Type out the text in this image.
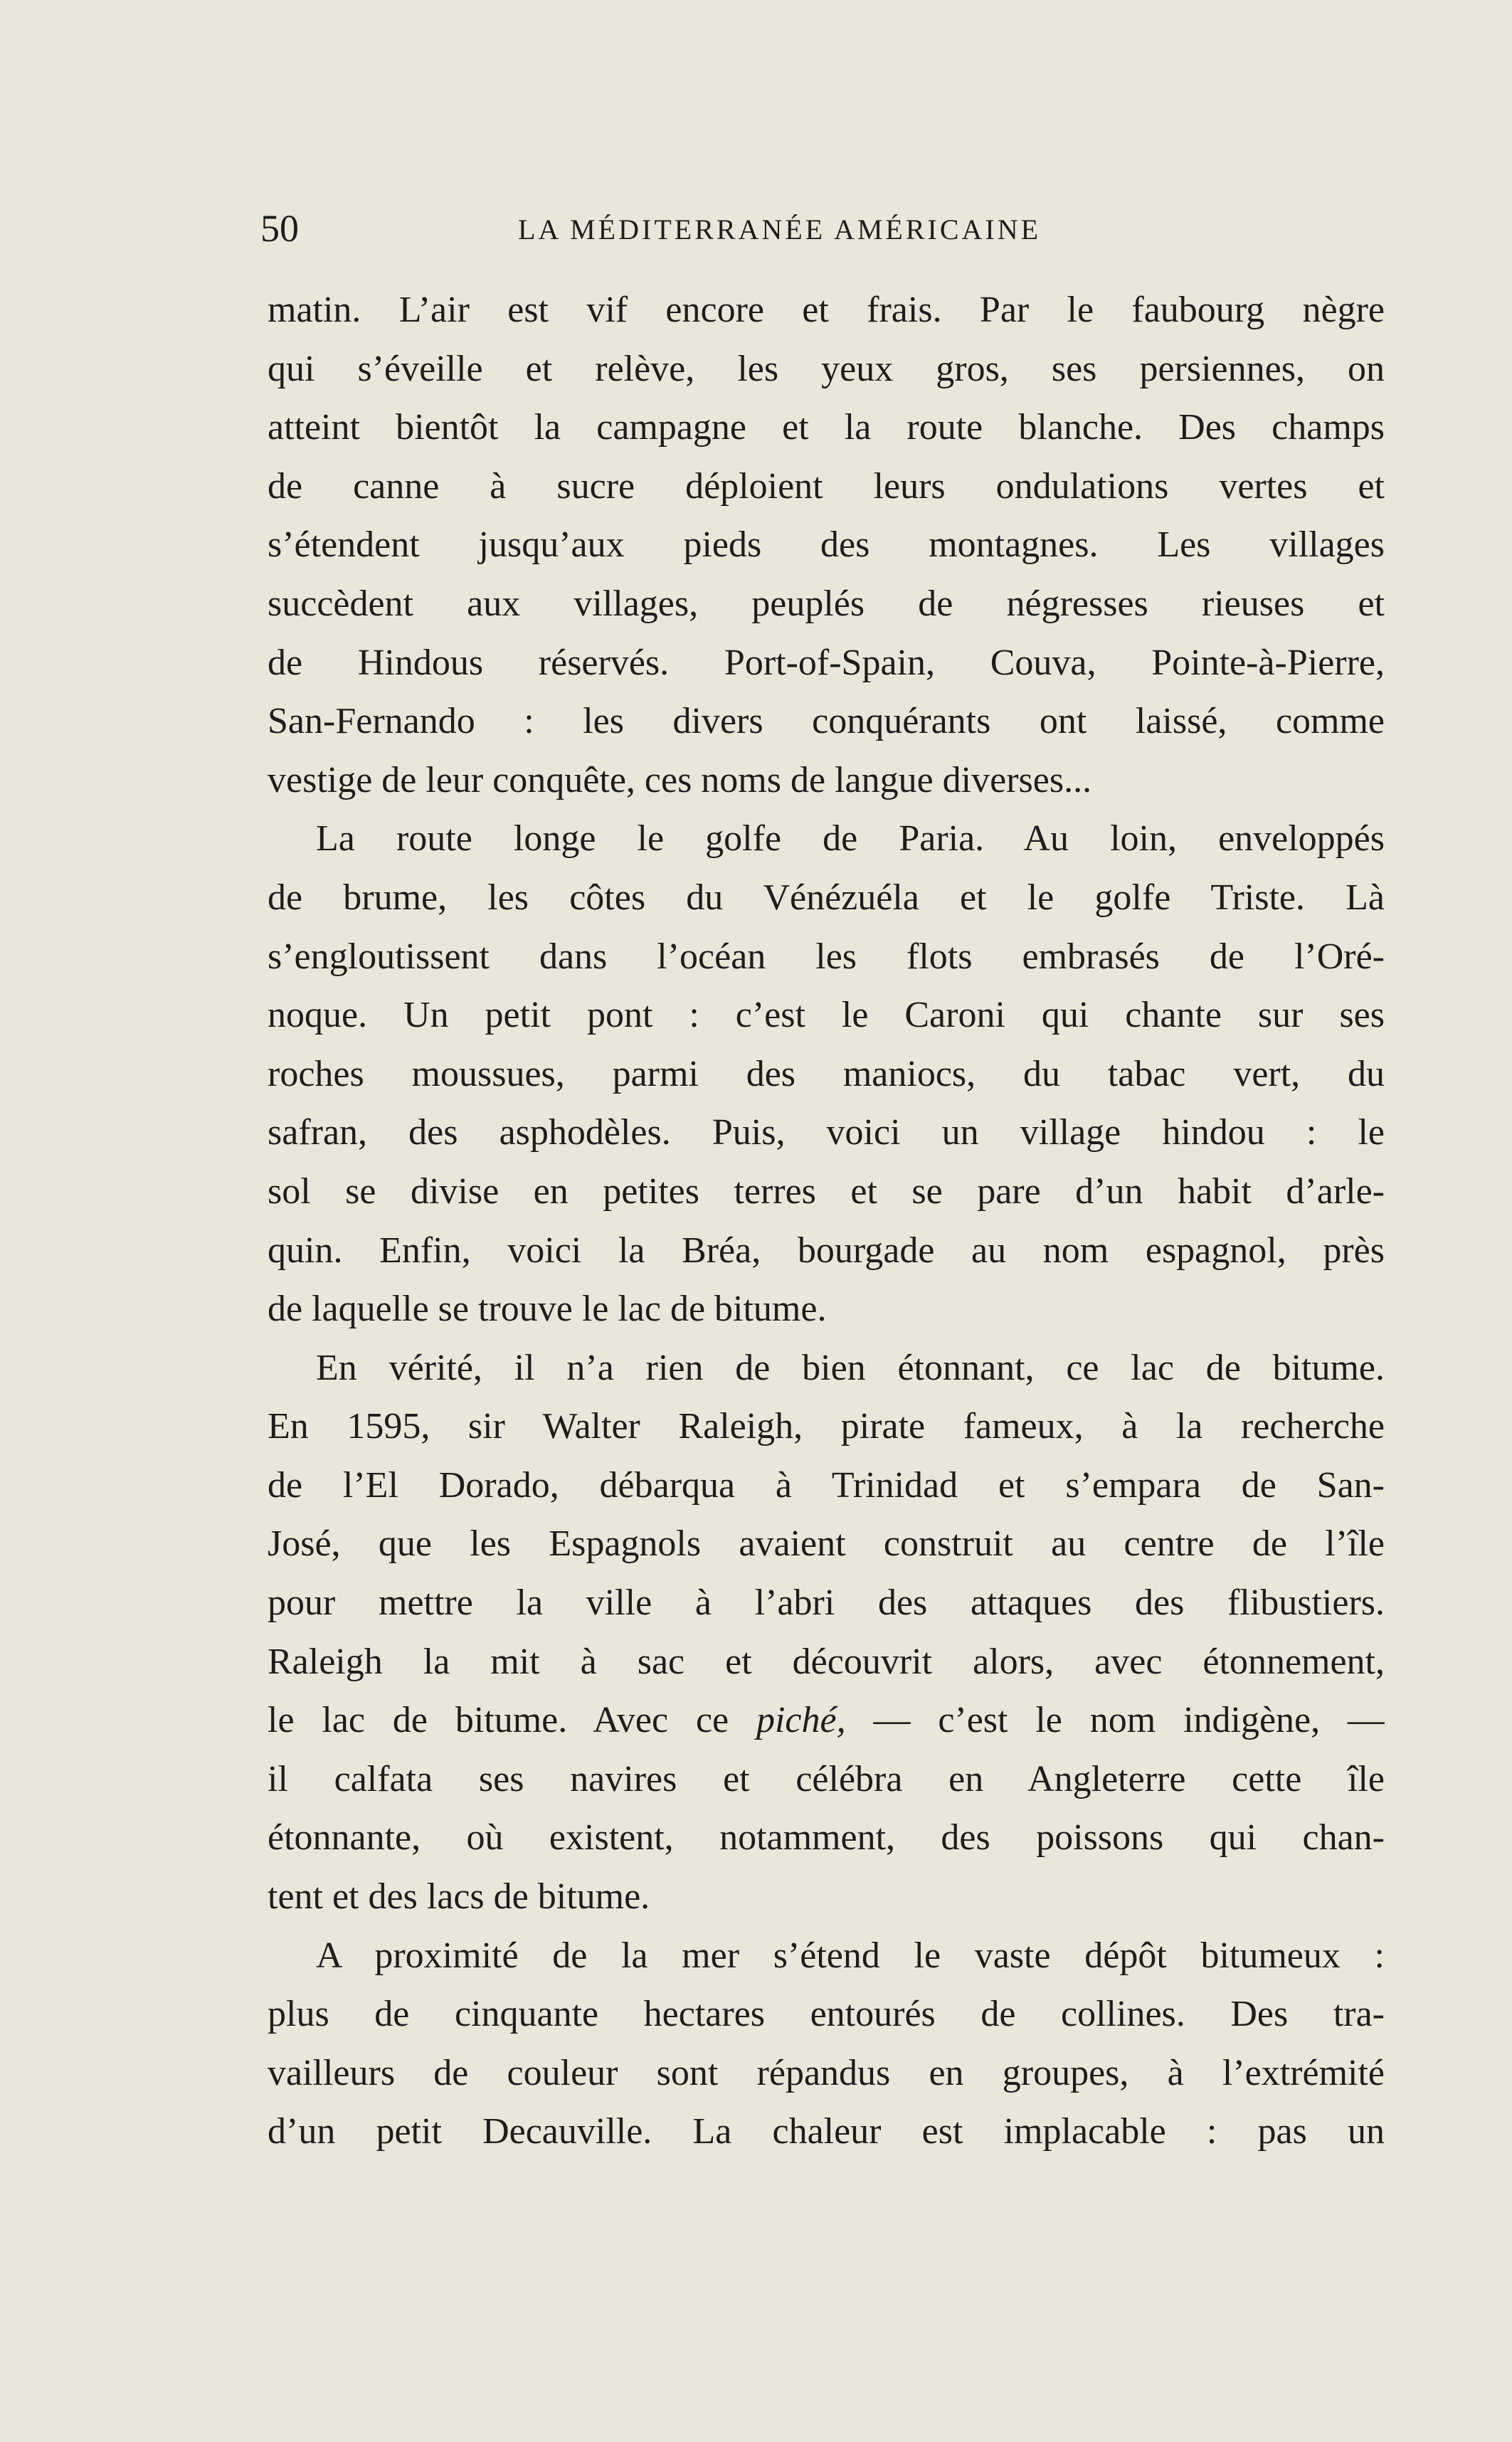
50	LA MÉDITERRANÉE AMÉRICAINE
matin. L’air est vif encore et frais. Par le faubourg nègre
qui s’éveille et relève, les yeux gros, ses persiennes, on
atteint bientôt la campagne et la route blanche. Des champs
de canne à sucre déploient leurs ondulations vertes et
s’étendent jusqu’aux pieds des montagnes. Les villages
succèdent aux villages, peuplés de négresses rieuses et
de Hindous réservés. Port-of-Spain, Couva, Pointe-à-Pierre,
San-Fernando : les divers conquérants ont laissé, comme
vestige de leur conquête, ces noms de langue diverses...
La route longe le golfe de Paria. Au loin, enveloppés
de brume, les côtes du Vénézuéla et le golfe Triste. Là
s’engloutissent dans l’océan les flots embrasés de l’Oré-
noque. Un petit pont : c’est le Caroni qui chante sur ses
roches moussues, parmi des maniocs, du tabac vert, du
safran, des asphodèles. Puis, voici un village hindou : le
sol se divise en petites terres et se pare d’un habit d’arle-
quin. Enfin, voici la Bréa, bourgade au nom espagnol, près
de laquelle se trouve le lac de bitume.
En vérité, il n’a rien de bien étonnant, ce lac de bitume.
En 1595, sir Walter Raleigh, pirate fameux, à la recherche
de l’El Dorado, débarqua à Trinidad et s’empara de San-
José, que les Espagnols avaient construit au centre de l’île
pour mettre la ville à l’abri des attaques des flibustiers.
Raleigh la mit à sac et découvrit alors, avec étonnement,
le lac de bitume. Avec ce piché, — c’est le nom indigène, —
il calfata ses navires et célébra en Angleterre cette île
étonnante, où existent, notamment, des poissons qui chan-
tent et des lacs de bitume.
A proximité de la mer s’étend le vaste dépôt bitumeux :
plus de cinquante hectares entourés de collines. Des tra-
vailleurs de couleur sont répandus en groupes, à l’extrémité
d’un petit Decauville. La chaleur est implacable : pas un
